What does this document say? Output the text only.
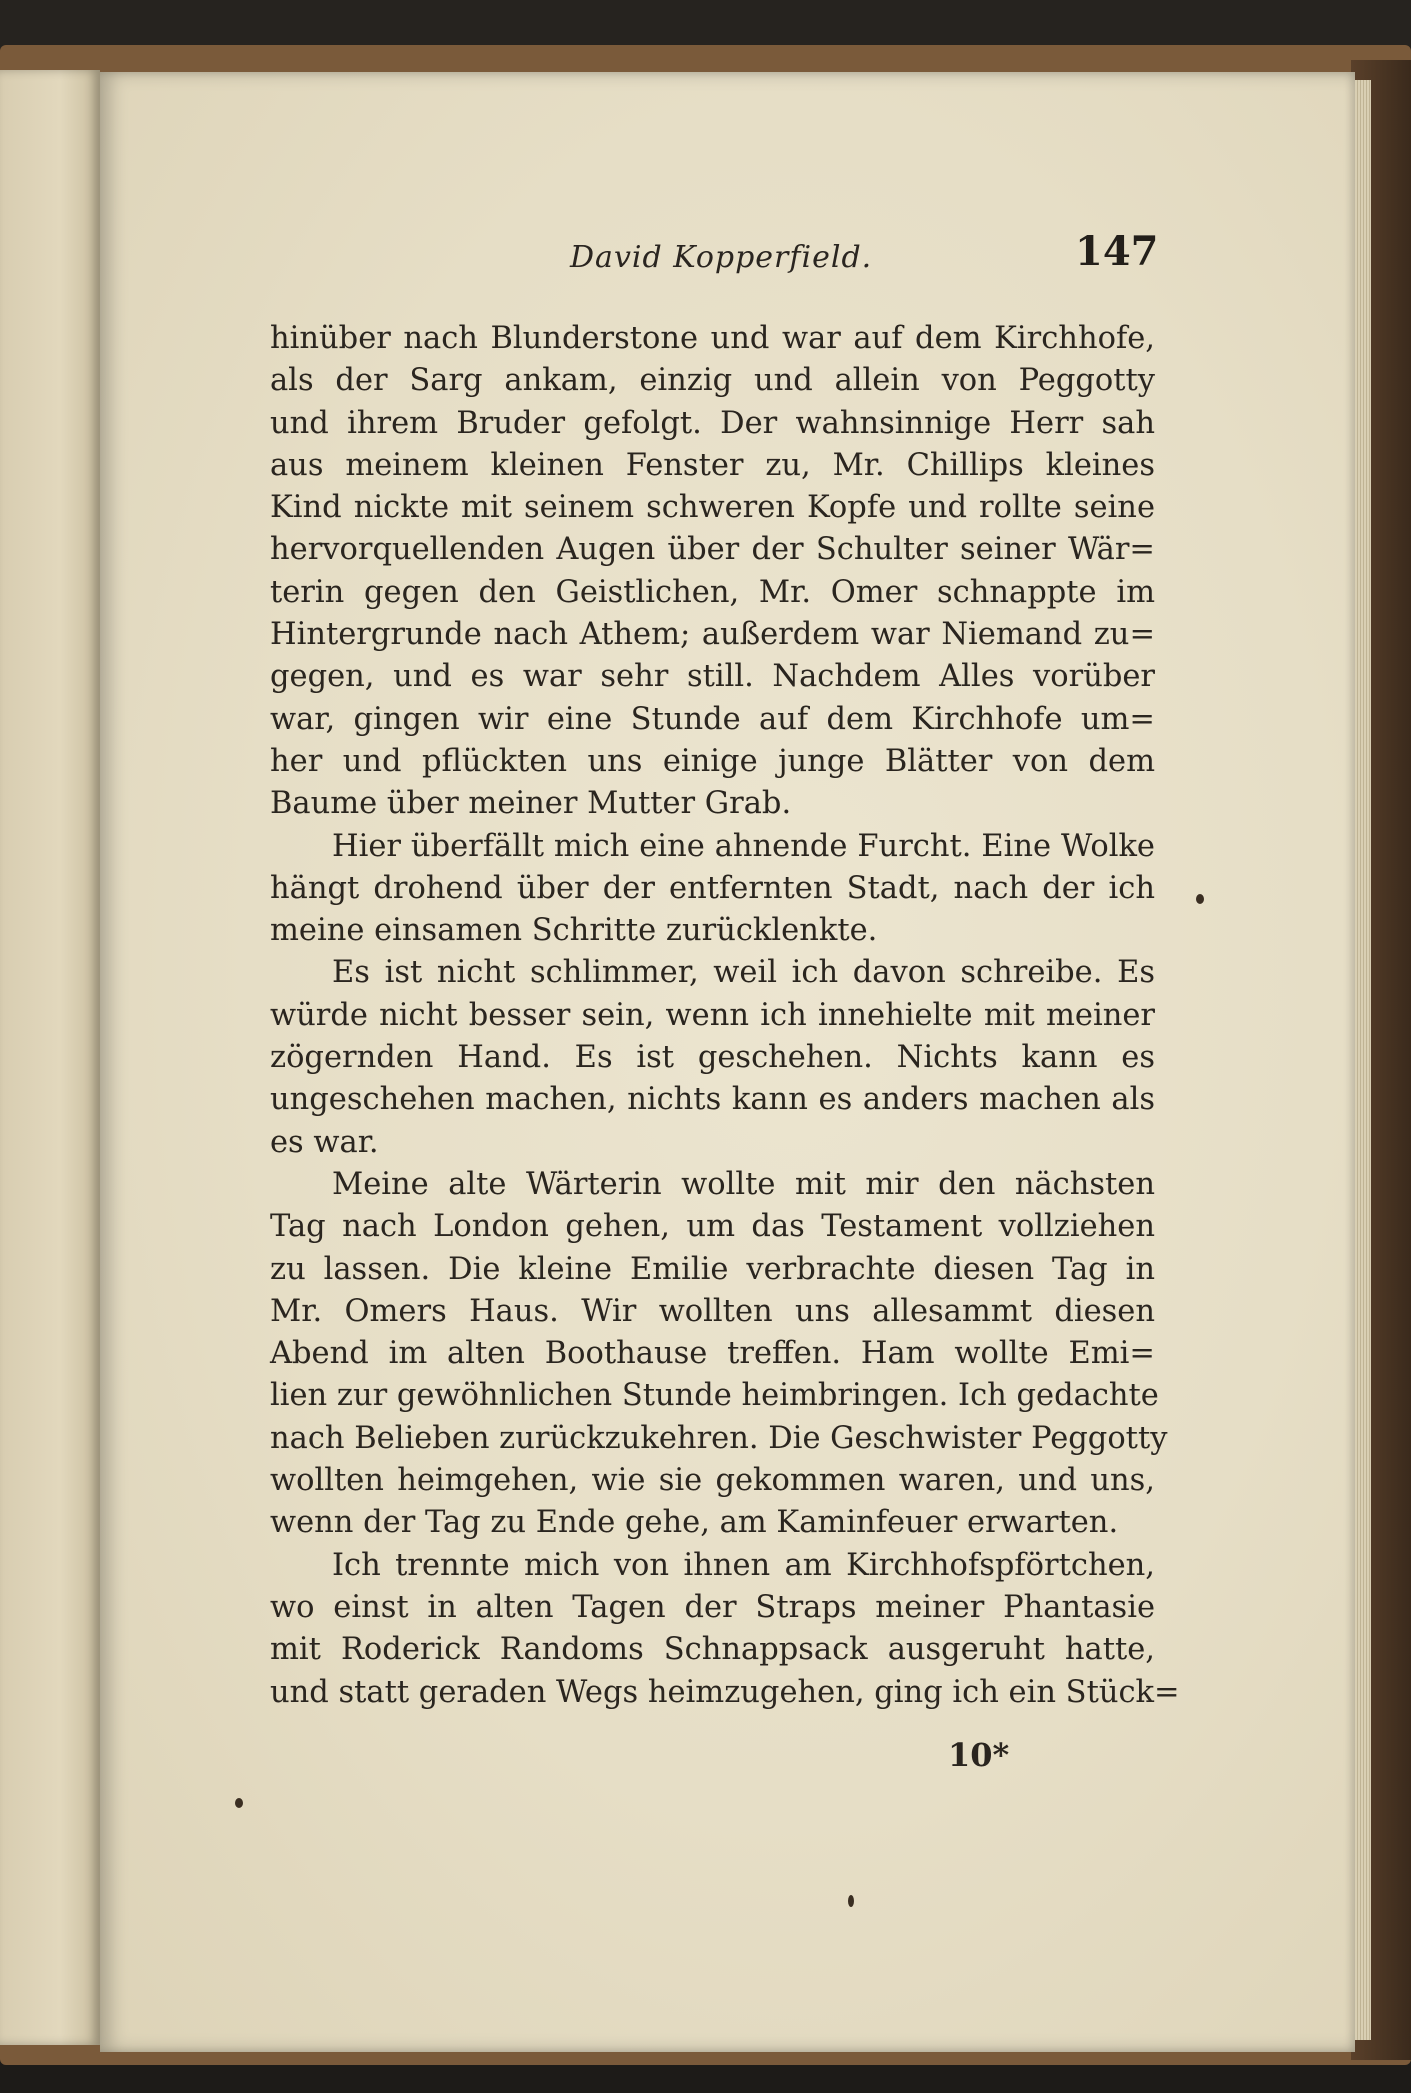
David Kopperfield.	147
hinüber nach Blunderstone und war auf dem Kirchhofe,
als der Sarg ankam, einzig und allein von Peggotty
und ihrem Bruder gefolgt. Der wahnsinnige Herr sah
aus meinem kleinen Fenster zu, Mr. Chillips kleines
Kind nickte mit seinem schweren Kopfe und rollte seine
hervorquellenden Augen über der Schulter seiner Wär=
terin gegen den Geistlichen, Mr. Omer schnappte im
Hintergrunde nach Athem; außerdem war Niemand zu=
gegen, und es war sehr still. Nachdem Alles vorüber
war, gingen wir eine Stunde auf dem Kirchhofe um=
her und pflückten uns einige junge Blätter von dem
Baume über meiner Mutter Grab.
Hier überfällt mich eine ahnende Furcht. Eine Wolke
hängt drohend über der entfernten Stadt, nach der ich
meine einsamen Schritte zurücklenkte.
Es ist nicht schlimmer, weil ich davon schreibe. Es
würde nicht besser sein, wenn ich innehielte mit meiner
zögernden Hand. Es ist geschehen. Nichts kann es
ungeschehen machen, nichts kann es anders machen als
es war.
Meine alte Wärterin wollte mit mir den nächsten
Tag nach London gehen, um das Testament vollziehen
zu lassen. Die kleine Emilie verbrachte diesen Tag in
Mr. Omers Haus. Wir wollten uns allesammt diesen
Abend im alten Boothause treffen. Ham wollte Emi=
lien zur gewöhnlichen Stunde heimbringen. Ich gedachte
nach Belieben zurückzukehren. Die Geschwister Peggotty
wollten heimgehen, wie sie gekommen waren, und uns,
wenn der Tag zu Ende gehe, am Kaminfeuer erwarten.
Ich trennte mich von ihnen am Kirchhofspförtchen,
wo einst in alten Tagen der Straps meiner Phantasie
mit Roderick Randoms Schnappsack ausgeruht hatte,
und statt geraden Wegs heimzugehen, ging ich ein Stück=
10*
